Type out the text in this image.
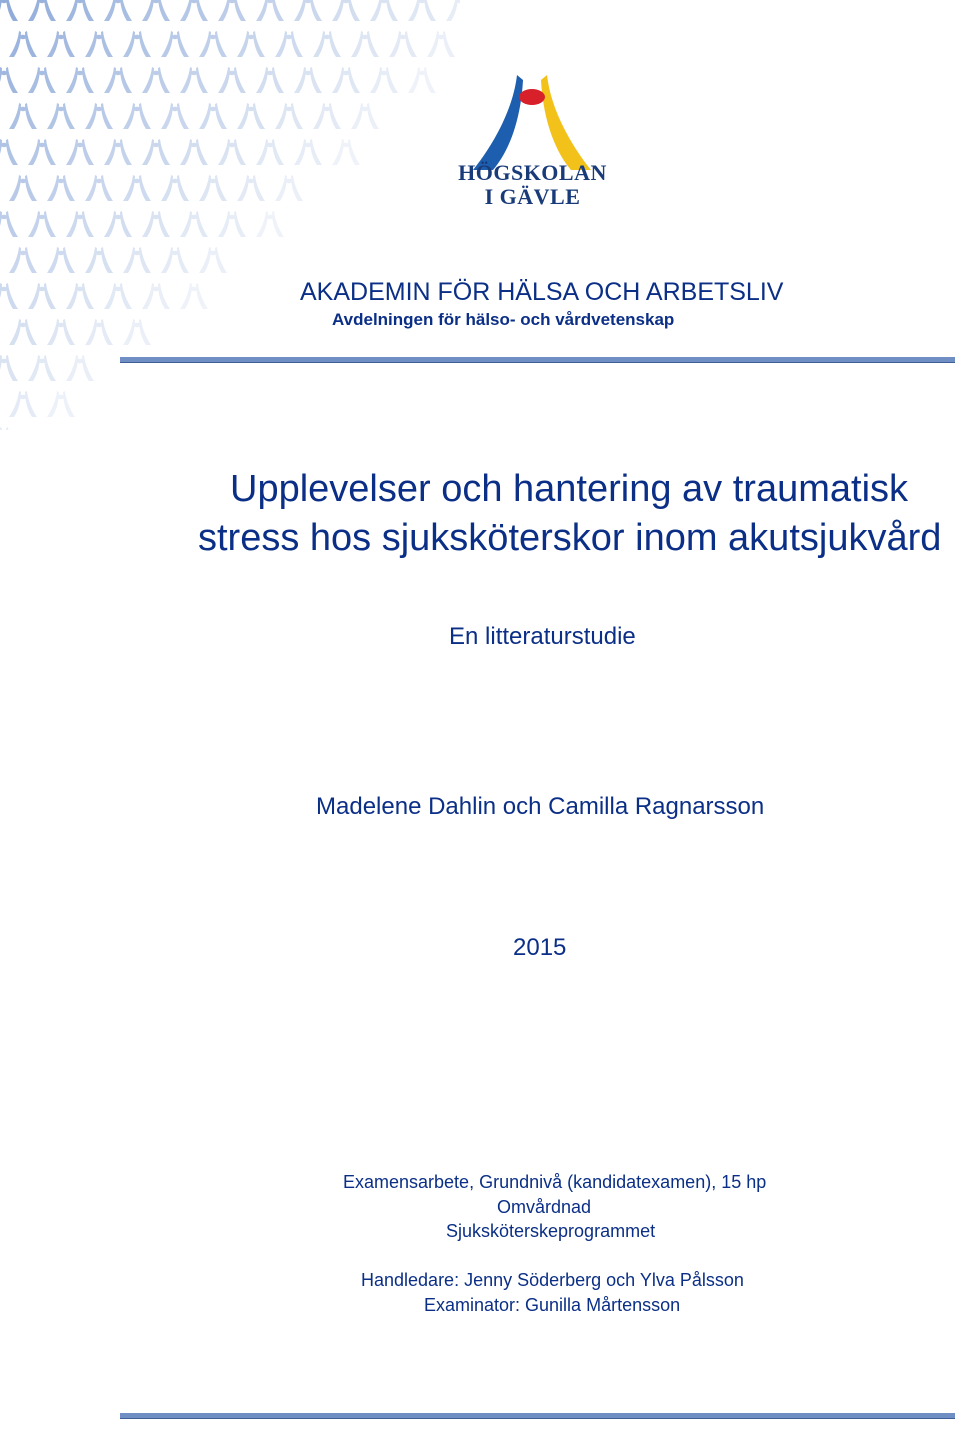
HÖGSKOLAN
I GÄVLE
AKADEMIN FÖR HÄLSA OCH ARBETSLIV
Avdelningen för hälso- och vårdvetenskap
Upplevelser och hantering av traumatisk
stress hos sjuksköterskor inom akutsjukvård
En litteraturstudie
Madelene Dahlin och Camilla Ragnarsson
2015
Examensarbete, Grundnivå (kandidatexamen), 15 hp
Omvårdnad
Sjuksköterskeprogrammet
Handledare: Jenny Söderberg och Ylva Pålsson
Examinator: Gunilla Mårtensson
